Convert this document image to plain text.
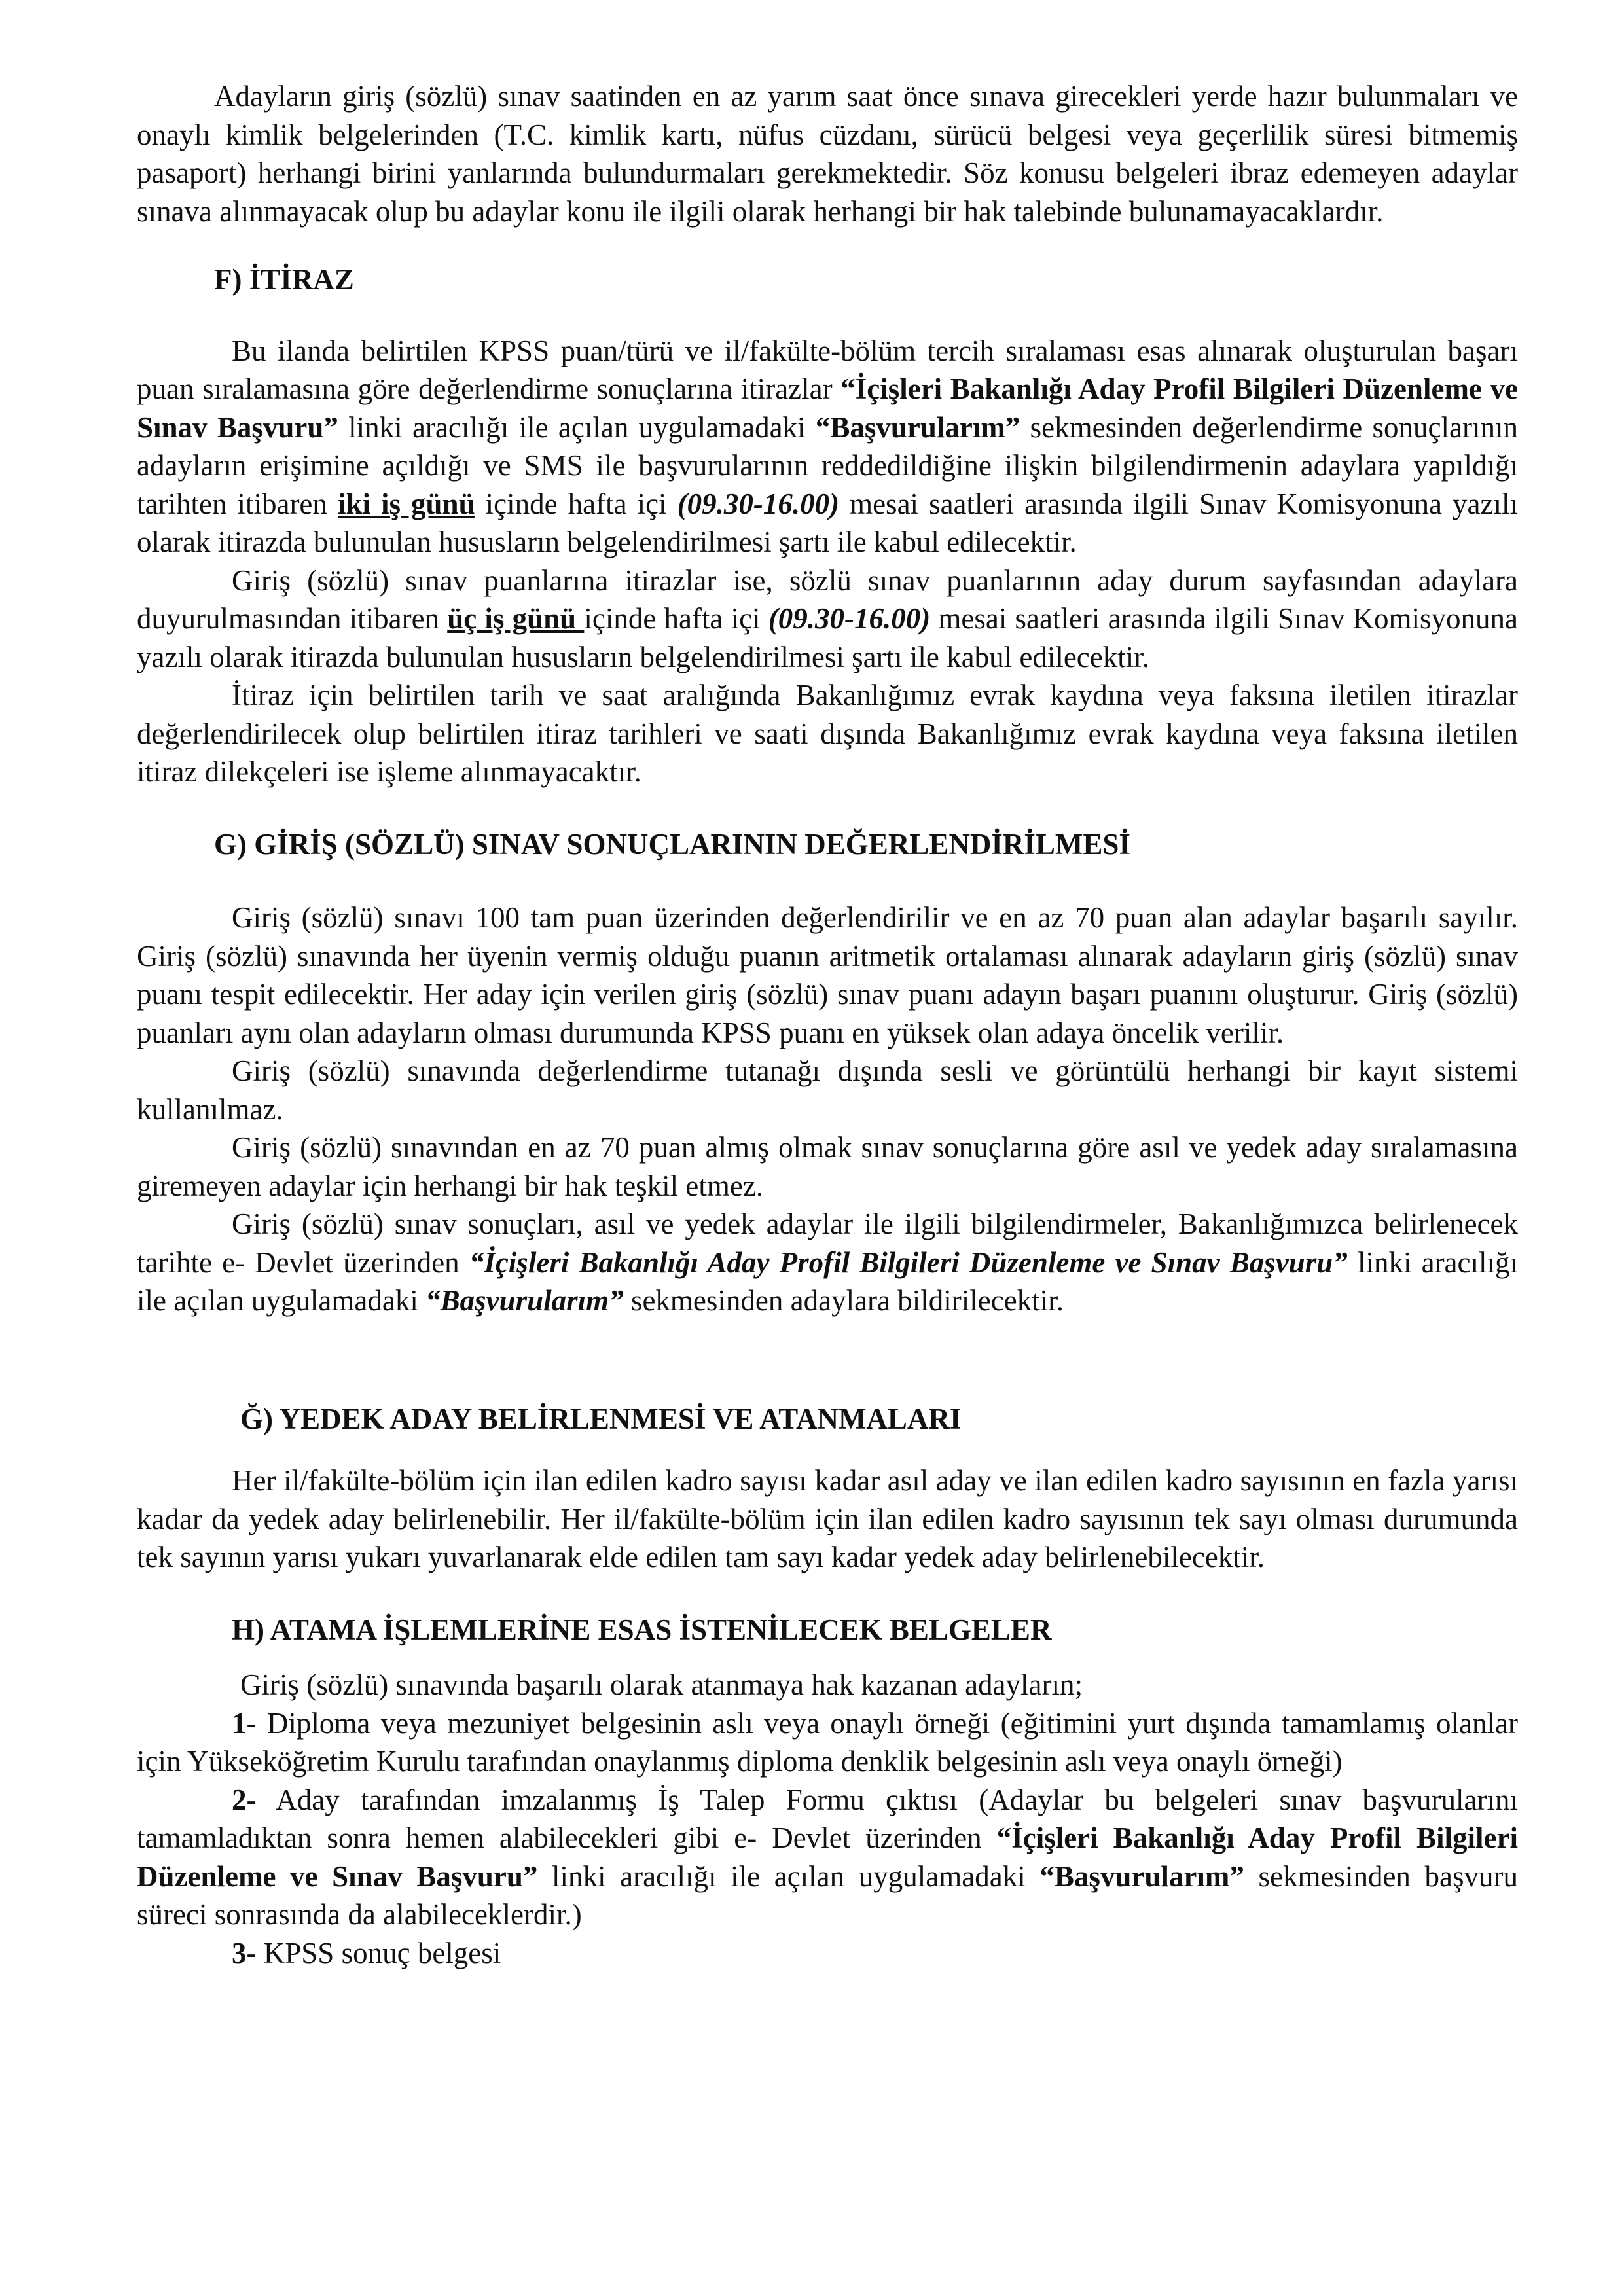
Adayların giriş (sözlü) sınav saatinden en az yarım saat önce sınava girecekleri yerde hazır bulunmaları ve onaylı kimlik belgelerinden (T.C. kimlik kartı, nüfus cüzdanı, sürücü belgesi veya geçerlilik süresi bitmemiş pasaport) herhangi birini yanlarında bulundurmaları gerekmektedir. Söz konusu belgeleri ibraz edemeyen adaylar sınava alınmayacak olup bu adaylar konu ile ilgili olarak herhangi bir hak talebinde bulunamayacaklardır.

F) İTİRAZ

Bu ilanda belirtilen KPSS puan/türü ve il/fakülte-bölüm tercih sıralaması esas alınarak oluşturulan başarı puan sıralamasına göre değerlendirme sonuçlarına itirazlar “İçişleri Bakanlığı Aday Profil Bilgileri Düzenleme ve Sınav Başvuru” linki aracılığı ile açılan uygulamadaki “Başvurularım” sekmesinden değerlendirme sonuçlarının adayların erişimine açıldığı ve SMS ile başvurularının reddedildiğine ilişkin bilgilendirmenin adaylara yapıldığı tarihten itibaren iki iş günü içinde hafta içi (09.30-16.00) mesai saatleri arasında ilgili Sınav Komisyonuna yazılı olarak itirazda bulunulan hususların belgelendirilmesi şartı ile kabul edilecektir.

Giriş (sözlü) sınav puanlarına itirazlar ise, sözlü sınav puanlarının aday durum sayfasından adaylara duyurulmasından itibaren üç iş günü içinde hafta içi (09.30-16.00) mesai saatleri arasında ilgili Sınav Komisyonuna yazılı olarak itirazda bulunulan hususların belgelendirilmesi şartı ile kabul edilecektir.

İtiraz için belirtilen tarih ve saat aralığında Bakanlığımız evrak kaydına veya faksına iletilen itirazlar değerlendirilecek olup belirtilen itiraz tarihleri ve saati dışında Bakanlığımız evrak kaydına veya faksına iletilen itiraz dilekçeleri ise işleme alınmayacaktır.

G) GİRİŞ (SÖZLÜ) SINAV SONUÇLARININ DEĞERLENDİRİLMESİ

Giriş (sözlü) sınavı 100 tam puan üzerinden değerlendirilir ve en az 70 puan alan adaylar başarılı sayılır. Giriş (sözlü) sınavında her üyenin vermiş olduğu puanın aritmetik ortalaması alınarak adayların giriş (sözlü) sınav puanı tespit edilecektir. Her aday için verilen giriş (sözlü) sınav puanı adayın başarı puanını oluşturur. Giriş (sözlü) puanları aynı olan adayların olması durumunda KPSS puanı en yüksek olan adaya öncelik verilir.

Giriş (sözlü) sınavında değerlendirme tutanağı dışında sesli ve görüntülü herhangi bir kayıt sistemi kullanılmaz.

Giriş (sözlü) sınavından en az 70 puan almış olmak sınav sonuçlarına göre asıl ve yedek aday sıralamasına giremeyen adaylar için herhangi bir hak teşkil etmez.

Giriş (sözlü) sınav sonuçları, asıl ve yedek adaylar ile ilgili bilgilendirmeler, Bakanlığımızca belirlenecek tarihte e- Devlet üzerinden “İçişleri Bakanlığı Aday Profil Bilgileri Düzenleme ve Sınav Başvuru” linki aracılığı ile açılan uygulamadaki “Başvurularım” sekmesinden adaylara bildirilecektir.

Ğ) YEDEK ADAY BELİRLENMESİ VE ATANMALARI

Her il/fakülte-bölüm için ilan edilen kadro sayısı kadar asıl aday ve ilan edilen kadro sayısının en fazla yarısı kadar da yedek aday belirlenebilir. Her il/fakülte-bölüm için ilan edilen kadro sayısının tek sayı olması durumunda tek sayının yarısı yukarı yuvarlanarak elde edilen tam sayı kadar yedek aday belirlenebilecektir.

H) ATAMA İŞLEMLERİNE ESAS İSTENİLECEK BELGELER

Giriş (sözlü) sınavında başarılı olarak atanmaya hak kazanan adayların;

1- Diploma veya mezuniyet belgesinin aslı veya onaylı örneği (eğitimini yurt dışında tamamlamış olanlar için Yükseköğretim Kurulu tarafından onaylanmış diploma denklik belgesinin aslı veya onaylı örneği)

2- Aday tarafından imzalanmış İş Talep Formu çıktısı (Adaylar bu belgeleri sınav başvurularını tamamladıktan sonra hemen alabilecekleri gibi e- Devlet üzerinden “İçişleri Bakanlığı Aday Profil Bilgileri Düzenleme ve Sınav Başvuru” linki aracılığı ile açılan uygulamadaki “Başvurularım” sekmesinden başvuru süreci sonrasında da alabileceklerdir.)

3- KPSS sonuç belgesi
